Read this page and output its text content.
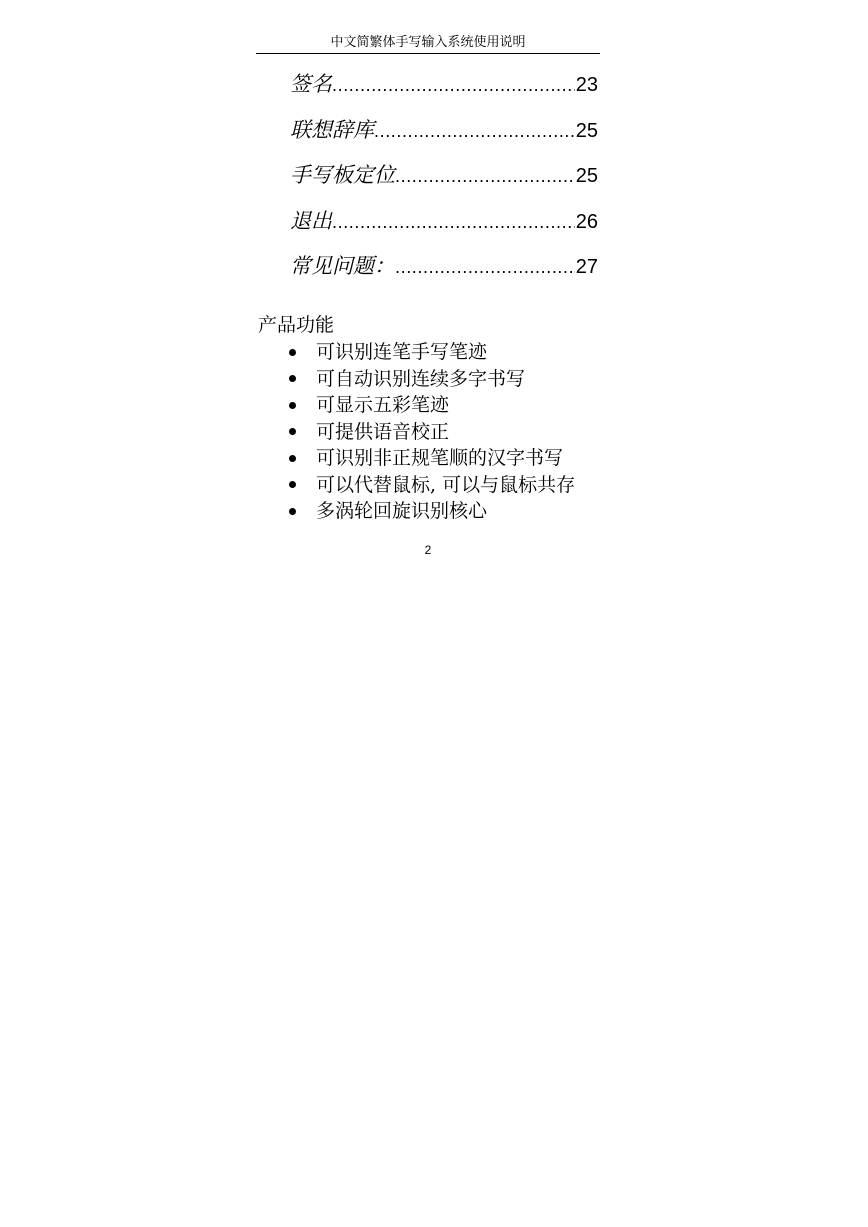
中文简繁体手写输入系统使用说明
签名 .....	23
联想辞库 .....	25
手写板定位 .....	25
退出 .....	26
常见问题： .....	27
产品功能
可识别连笔手写笔迹
可自动识别连续多字书写
可显示五彩笔迹
可提供语音校正
可识别非正规笔顺的汉字书写
可以代替鼠标, 可以与鼠标共存
多涡轮回旋识别核心
2
